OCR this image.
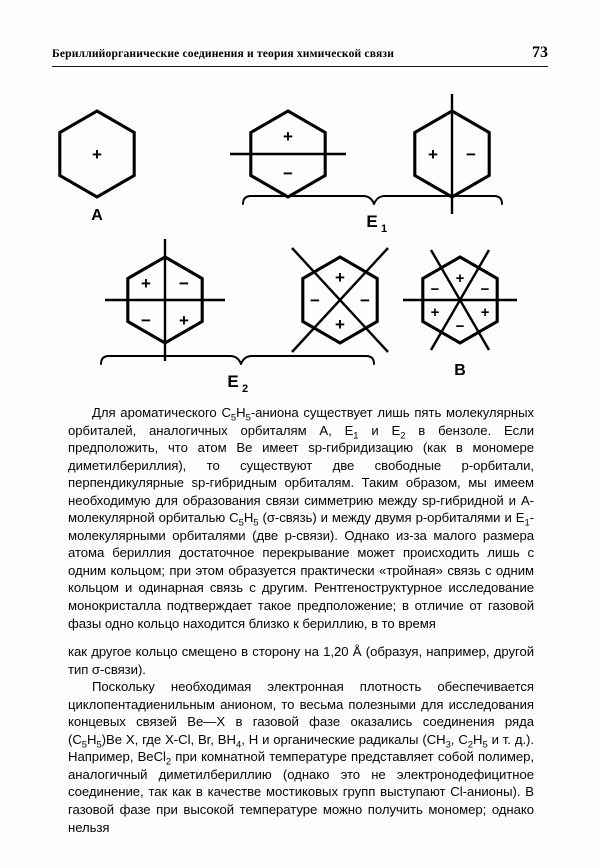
Бериллийорганические соединения и теория химической связи	73
+
A
+
−
+ −
E 1
+ −
− +
+
− −
+
+
−	−
+	+
−
B
E 2

Для ароматического $C_5H_5$-аниона существует лишь пять молекулярных орбиталей, аналогичных орбиталям A, $E_1$ и $E_2$ в бензоле. Если предположить, что атом Be имеет sp-гибридизацию (как в мономере диметилбериллия), то существуют две свободные p-орбитали, перпендикулярные sp-гибридным орбиталям. Таким образом, мы имеем необходимую для образования связи симметрию между sp-гибридной и A-молекулярной орбиталью $C_5H_5$ (σ-связь) и между двумя p-орбиталями и $E_1$-молекулярными орбиталями (две p-связи). Однако из-за малого размера атома бериллия достаточное перекрывание может происходить лишь с одним кольцом; при этом образуется практически «тройная» связь с одним кольцом и одинарная связь с другим. Рентгеноструктурное исследование монокристалла подтверждает такое предположение; в отличие от газовой фазы одно кольцо находится близко к бериллию, в то время

как другое кольцо смещено в сторону на 1,20 Å (образуя, например, другой тип σ-связи).

Поскольку необходимая электронная плотность обеспечивается циклопентадиенильным анионом, то весьма полезными для исследования концевых связей Be—X в газовой фазе оказались соединения ряда $(C_5H_5)Be$ X, где X-Cl, Br, $BH_4$, H и органические радикалы ($CH_3$, $C_2H_5$ и т. д.). Например, BeCl$_2$ при комнатной температуре представляет собой полимер, аналогичный диметилбериллию (однако это не электронодефицитное соединение, так как в качестве мостиковых групп выступают Cl-анионы). В газовой фазе при высокой температуре можно получить мономер; однако нельзя
